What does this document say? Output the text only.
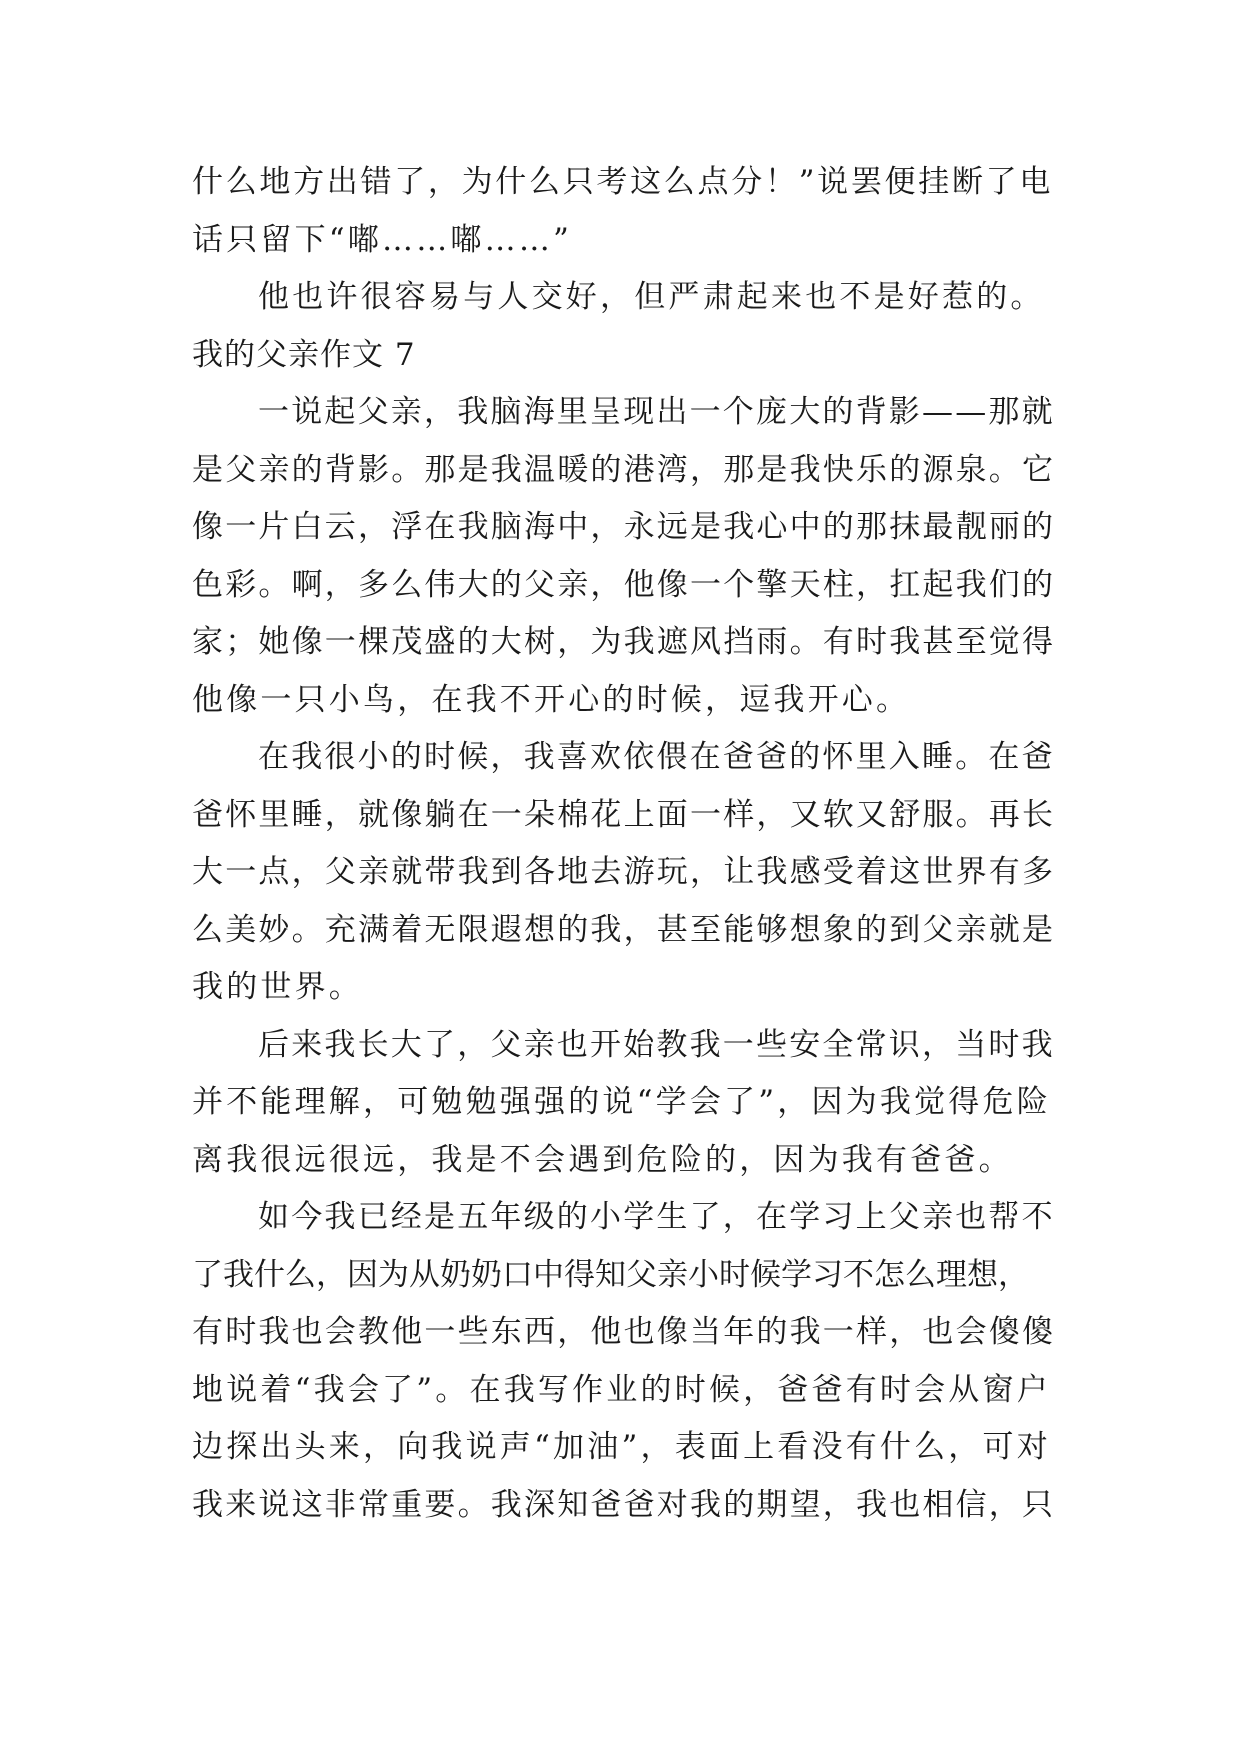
什么地方出错了，为什么只考这么点分！”说罢便挂断了电
话只留下“嘟……嘟……”
他也许很容易与人交好，但严肃起来也不是好惹的。
我的父亲作文 7
一说起父亲，我脑海里呈现出一个庞大的背影——那就
是父亲的背影。那是我温暖的港湾，那是我快乐的源泉。它
像一片白云，浮在我脑海中，永远是我心中的那抹最靓丽的
色彩。啊，多么伟大的父亲，他像一个擎天柱，扛起我们的
家；她像一棵茂盛的大树，为我遮风挡雨。有时我甚至觉得
他像一只小鸟，在我不开心的时候，逗我开心。
在我很小的时候，我喜欢依偎在爸爸的怀里入睡。在爸
爸怀里睡，就像躺在一朵棉花上面一样，又软又舒服。再长
大一点，父亲就带我到各地去游玩，让我感受着这世界有多
么美妙。充满着无限遐想的我，甚至能够想象的到父亲就是
我的世界。
后来我长大了，父亲也开始教我一些安全常识，当时我
并不能理解，可勉勉强强的说“学会了”，因为我觉得危险
离我很远很远，我是不会遇到危险的，因为我有爸爸。
如今我已经是五年级的小学生了，在学习上父亲也帮不
了我什么，因为从奶奶口中得知父亲小时候学习不怎么理想，
有时我也会教他一些东西，他也像当年的我一样，也会傻傻
地说着“我会了”。在我写作业的时候，爸爸有时会从窗户
边探出头来，向我说声“加油”，表面上看没有什么，可对
我来说这非常重要。我深知爸爸对我的期望，我也相信，只
